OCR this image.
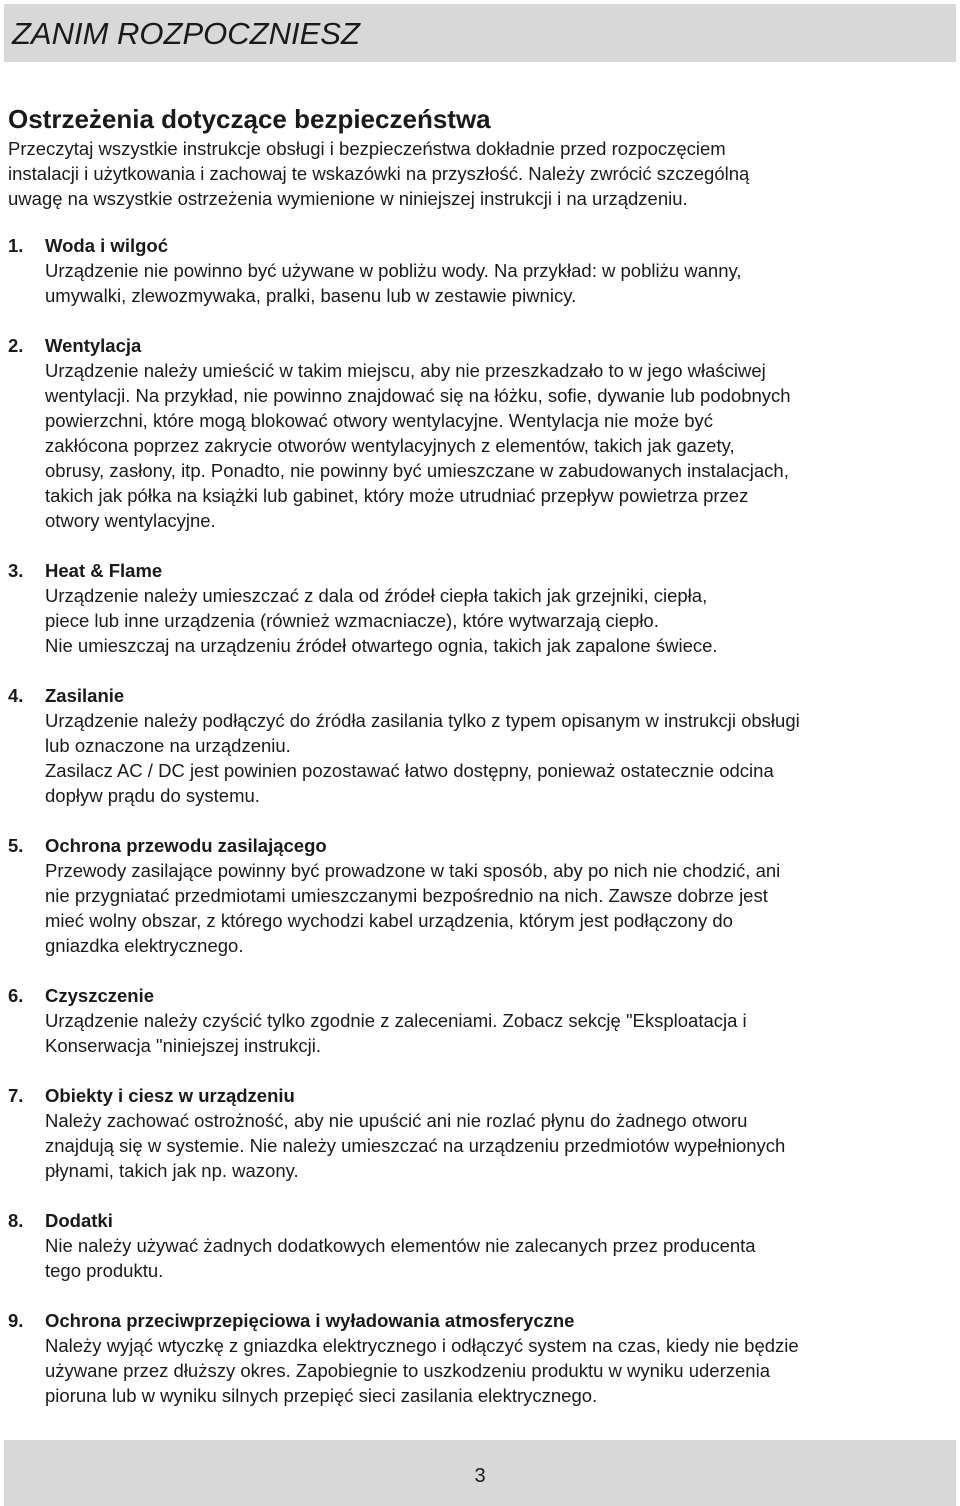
ZANIM ROZPOCZNIESZ
Ostrzeżenia dotyczące bezpieczeństwa

Przeczytaj wszystkie instrukcje obsługi i bezpieczeństwa dokładnie przed rozpoczęciem
instalacji i użytkowania i zachowaj te wskazówki na przyszłość. Należy zwrócić szczególną
uwagę na wszystkie ostrzeżenia wymienione w niniejszej instrukcji i na urządzeniu.

1. Woda i wilgoć

Urządzenie nie powinno być używane w pobliżu wody. Na przykład: w pobliżu wanny,
umywalki, zlewozmywaka, pralki, basenu lub w zestawie piwnicy.

2. Wentylacja

Urządzenie należy umieścić w takim miejscu, aby nie przeszkadzało to w jego właściwej
wentylacji. Na przykład, nie powinno znajdować się na łóżku, sofie, dywanie lub podobnych
powierzchni, które mogą blokować otwory wentylacyjne. Wentylacja nie może być
zakłócona poprzez zakrycie otworów wentylacyjnych z elementów, takich jak gazety,
obrusy, zasłony, itp. Ponadto, nie powinny być umieszczane w zabudowanych instalacjach,
takich jak półka na książki lub gabinet, który może utrudniać przepływ powietrza przez
otwory wentylacyjne.

3. Heat & Flame

Urządzenie należy umieszczać z dala od źródeł ciepła takich jak grzejniki, ciepła,
piece lub inne urządzenia (również wzmacniacze), które wytwarzają ciepło.
Nie umieszczaj na urządzeniu źródeł otwartego ognia, takich jak zapalone świece.

4. Zasilanie

Urządzenie należy podłączyć do źródła zasilania tylko z typem opisanym w instrukcji obsługi
lub oznaczone na urządzeniu.
Zasilacz AC / DC jest powinien pozostawać łatwo dostępny, ponieważ ostatecznie odcina
dopływ prądu do systemu.

5. Ochrona przewodu zasilającego

Przewody zasilające powinny być prowadzone w taki sposób, aby po nich nie chodzić, ani
nie przygniatać przedmiotami umieszczanymi bezpośrednio na nich. Zawsze dobrze jest
mieć wolny obszar, z którego wychodzi kabel urządzenia, którym jest podłączony do
gniazdka elektrycznego.

6. Czyszczenie

Urządzenie należy czyścić tylko zgodnie z zaleceniami. Zobacz sekcję "Eksploatacja i
Konserwacja "niniejszej instrukcji.

7. Obiekty i ciesz w urządzeniu

Należy zachować ostrożność, aby nie upuścić ani nie rozlać płynu do żadnego otworu
znajdują się w systemie. Nie należy umieszczać na urządzeniu przedmiotów wypełnionych
płynami, takich jak np. wazony.

8. Dodatki

Nie należy używać żadnych dodatkowych elementów nie zalecanych przez producenta
tego produktu.

9. Ochrona przeciwprzepięciowa i wyładowania atmosferyczne

Należy wyjąć wtyczkę z gniazdka elektrycznego i odłączyć system na czas, kiedy nie będzie
używane przez dłuższy okres. Zapobiegnie to uszkodzeniu produktu w wyniku uderzenia
pioruna lub w wyniku silnych przepięć sieci zasilania elektrycznego.

3
